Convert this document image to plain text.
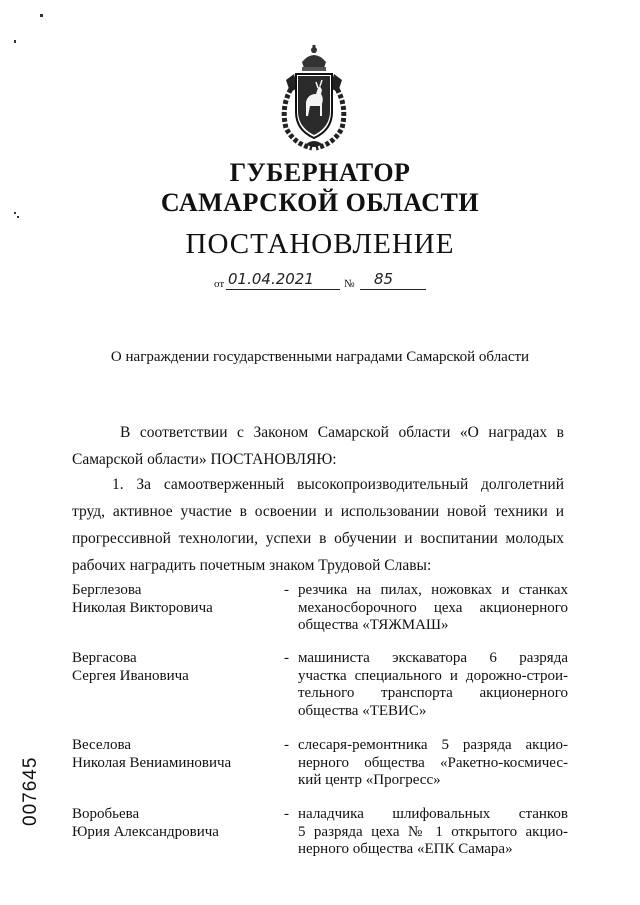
ГУБЕРНАТОР
САМАРСКОЙ ОБЛАСТИ
ПОСТАНОВЛЕНИЕ
от 01.04.2021	№ 85
О награждении государственными наградами Самарской области
В соответствии с Законом Самарской области «О наградах в
Самарской области» ПОСТАНОВЛЯЮ:
1. За самоотверженный высокопроизводительный долголетний
труд, активное участие в освоении и использовании новой техники и
прогрессивной технологии, успехи в обучении и воспитании молодых
рабочих наградить почетным знаком Трудовой Славы:
Берглезова
Николая Викторовича
- резчика на пилах, ножовках и станках
механосборочного цеха акционерного
общества «ТЯЖМАШ»
Вергасова
Сергея Ивановича
- машиниста экскаватора 6 разряда
участка специального и дорожно-строи-
тельного транспорта акционерного
общества «ТЕВИС»
Веселова
Николая Вениаминовича
- слесаря-ремонтника 5 разряда акцио-
нерного общества «Ракетно-космичес-
кий центр «Прогресс»
Воробьева
Юрия Александровича
- наладчика шлифовальных станков
5 разряда цеха № 1 открытого акцио-
нерного общества «ЕПК Самара»
007645
